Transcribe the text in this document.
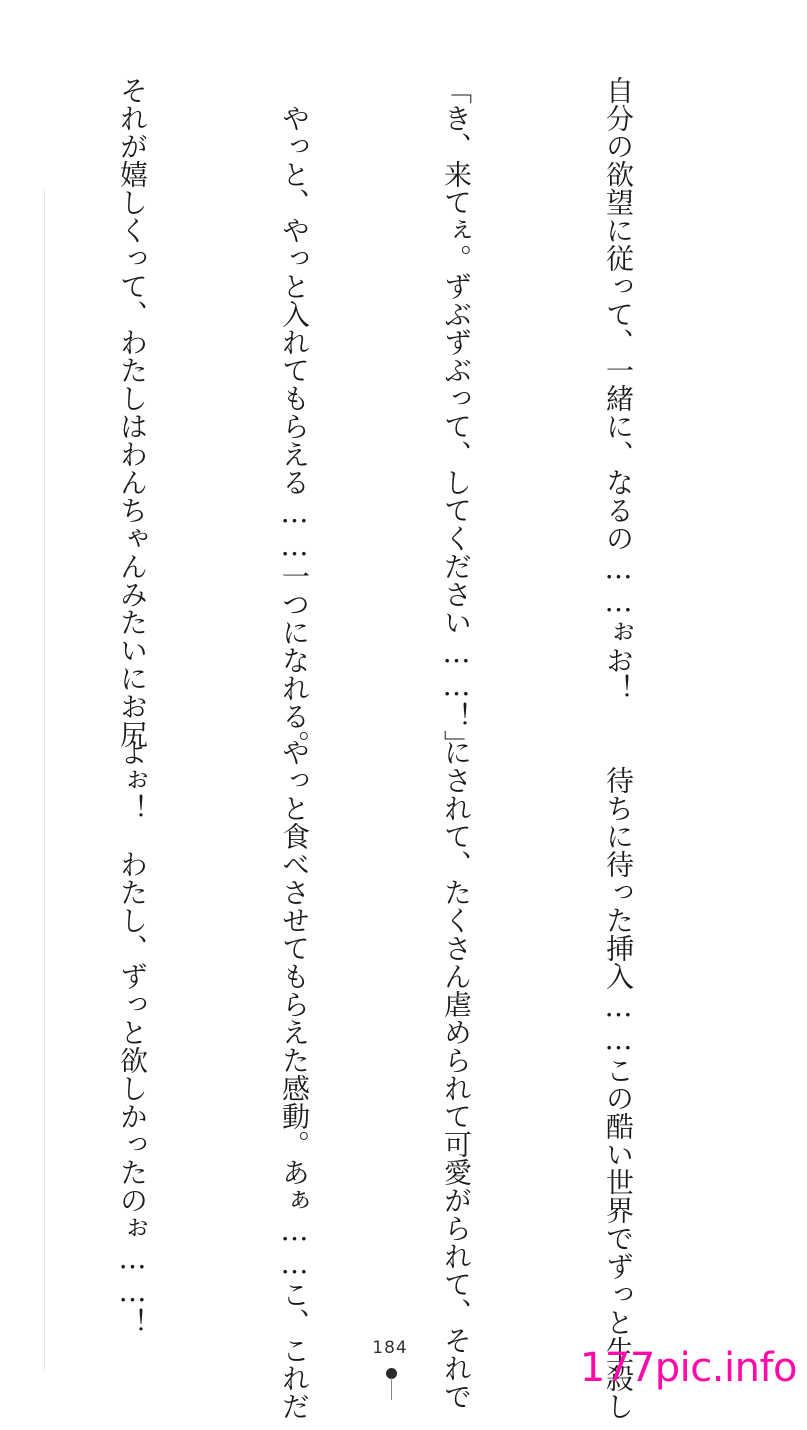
自分の欲望に従って、一緒に、なるの……ぉお！

「き、来てぇ。ずぶずぶって、してください……！」

　やっと、やっと入れてもらえる……一つになれる。

それが嬉しくって、わたしはわんちゃんみたいにお尻

　待ちに待った挿入……この酷い世界でずっと生殺し

にされて、たくさん虐められて可愛がられて、それで

やっと食べさせてもらえた感動。あぁ……こ、これだ

よぉ！　わたし、ずっと欲しかったのぉ……！

184	177pic.info
